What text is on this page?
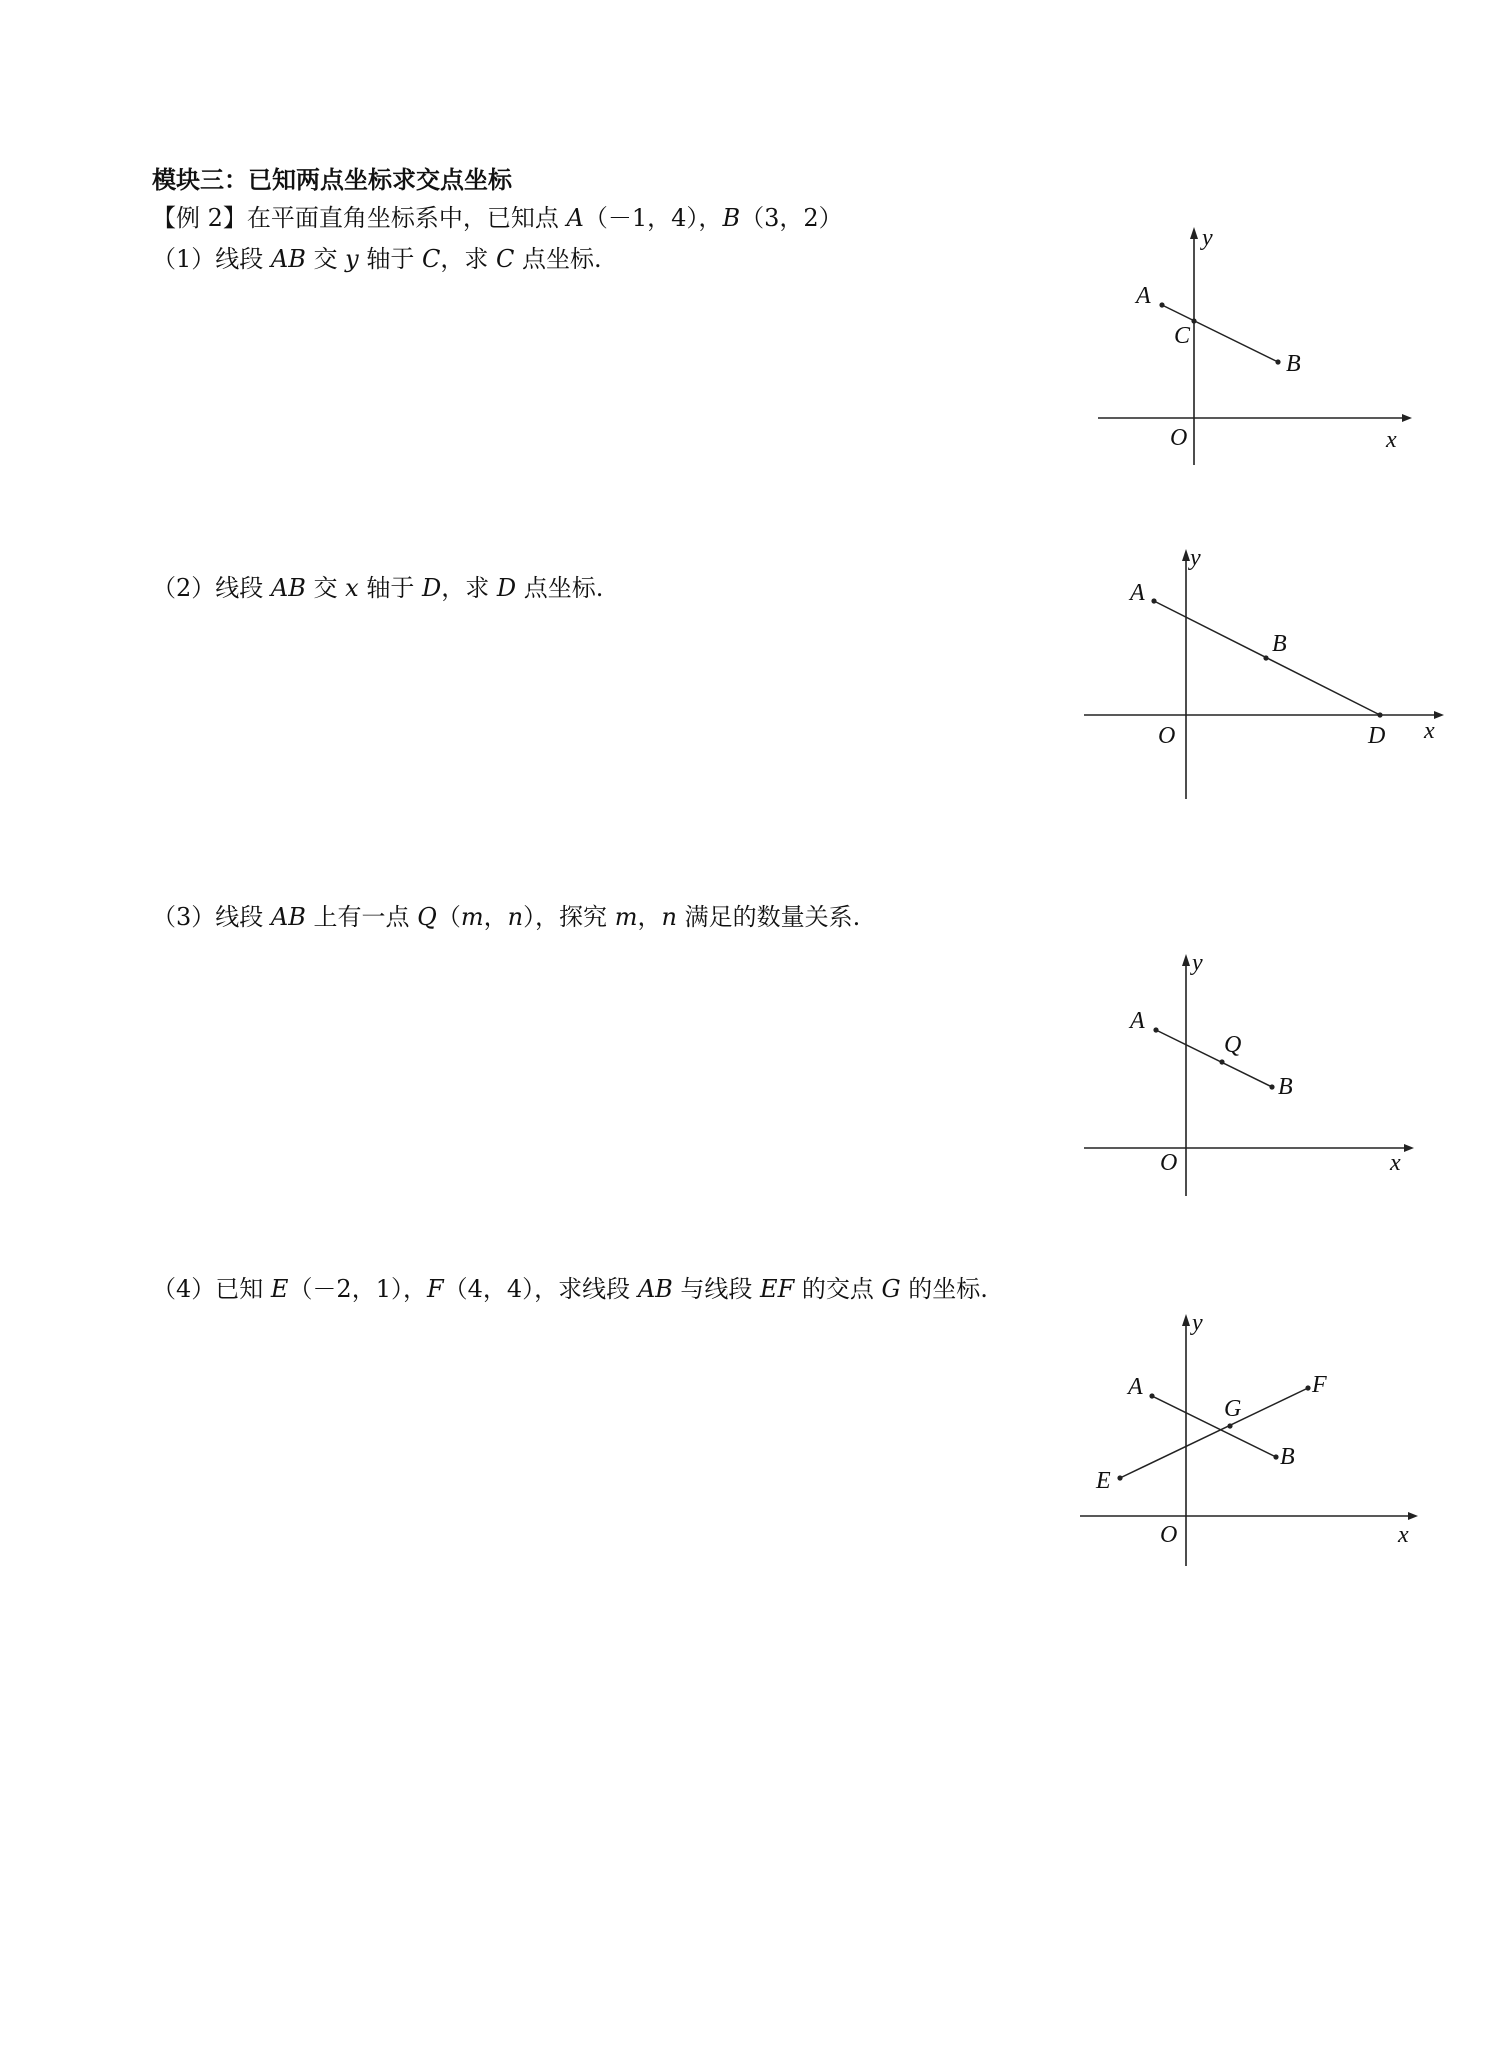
模块三：已知两点坐标求交点坐标
【例 2】在平面直角坐标系中，已知点 A（－1，4），B（3，2）
（1）线段 AB 交 y 轴于 C，求 C 点坐标.
A
C
B
O	x
y
（2）线段 AB 交 x 轴于 D，求 D 点坐标.	A
B
O	D x
y
（3）线段 AB 上有一点 Q（m，n），探究 m，n 满足的数量关系.
A
Q
B
O	x
y
（4）已知 E（－2，1），F（4，4），求线段 AB 与线段 EF 的交点 G 的坐标.
A	F
G
B
E
O	x
y
